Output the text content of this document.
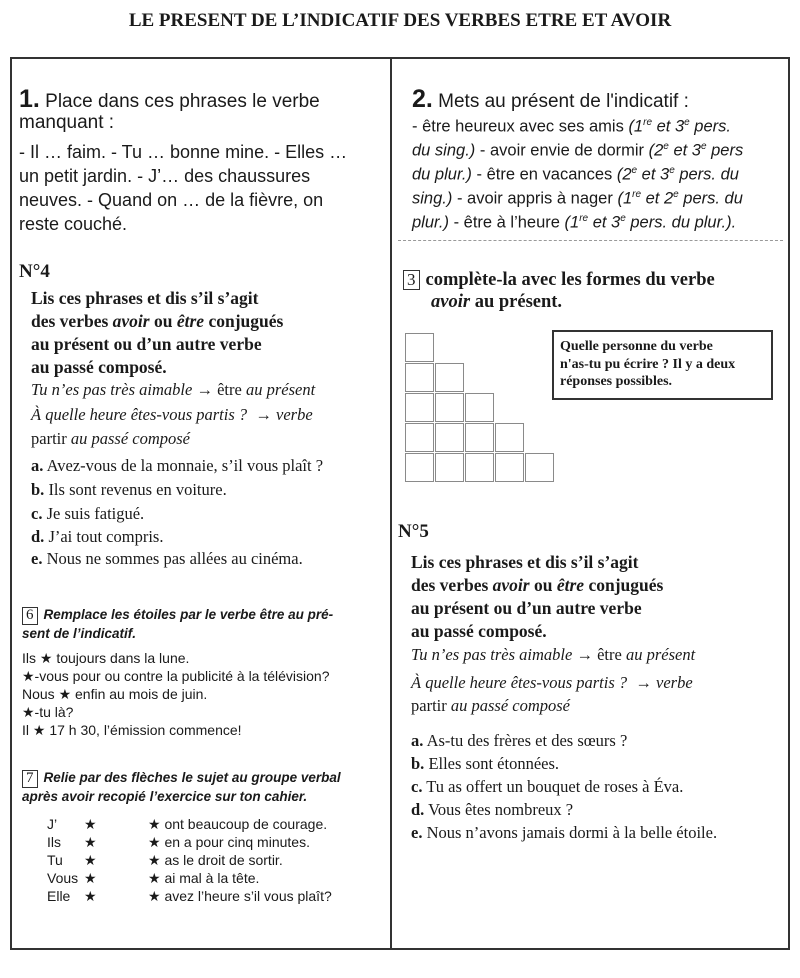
LE PRESENT DE L’INDICATIF DES VERBES ETRE ET AVOIR
1. Place dans ces phrases le verbe
manquant :
- Il … faim. - Tu … bonne mine. - Elles …
un petit jardin. - J’… des chaussures
neuves. - Quand on … de la fièvre, on
reste couché.
N°4
Lis ces phrases et dis s’il s’agit
des verbes avoir ou être conjugués
au présent ou d’un autre verbe
au passé composé.
Tu n’es pas très aimable → être au présent
À quelle heure êtes-vous partis ? → verbe
partir au passé composé
a. Avez-vous de la monnaie, s’il vous plaît ?
b. Ils sont revenus en voiture.
c. Je suis fatigué.
d. J’ai tout compris.
e. Nous ne sommes pas allées au cinéma.
6 Remplace les étoiles par le verbe être au pré-
sent de l’indicatif.
Ils ★ toujours dans la lune.
★-vous pour ou contre la publicité à la télévision?
Nous ★ enfin au mois de juin.
★-tu là?
Il ★ 17 h 30, l’émission commence!
7 Relie par des flèches le sujet au groupe verbal
après avoir recopié l’exercice sur ton cahier.
J’
Ils
Tu
Vous
Elle
★
★
★
★
★
★ ont beaucoup de courage.
★ en a pour cinq minutes.
★ as le droit de sortir.
★ ai mal à la tête.
★ avez l’heure s’il vous plaît?
2. Mets au présent de l'indicatif :
- être heureux avec ses amis (1re et 3e pers.
du sing.) - avoir envie de dormir (2e et 3e pers
du plur.) - être en vacances (2e et 3e pers. du
sing.) - avoir appris à nager (1re et 2e pers. du
plur.) - être à l’heure (1re et 3e pers. du plur.).
3 complète-la avec les formes du verbe
avoir au présent.
Quelle personne du verbe
n'as-tu pu écrire ? Il y a deux
réponses possibles.
N°5
Lis ces phrases et dis s’il s’agit
des verbes avoir ou être conjugués
au présent ou d’un autre verbe
au passé composé.
Tu n’es pas très aimable → être au présent
À quelle heure êtes-vous partis ? → verbe
partir au passé composé
a. As-tu des frères et des sœurs ?
b. Elles sont étonnées.
c. Tu as offert un bouquet de roses à Éva.
d. Vous êtes nombreux ?
e. Nous n’avons jamais dormi à la belle étoile.
